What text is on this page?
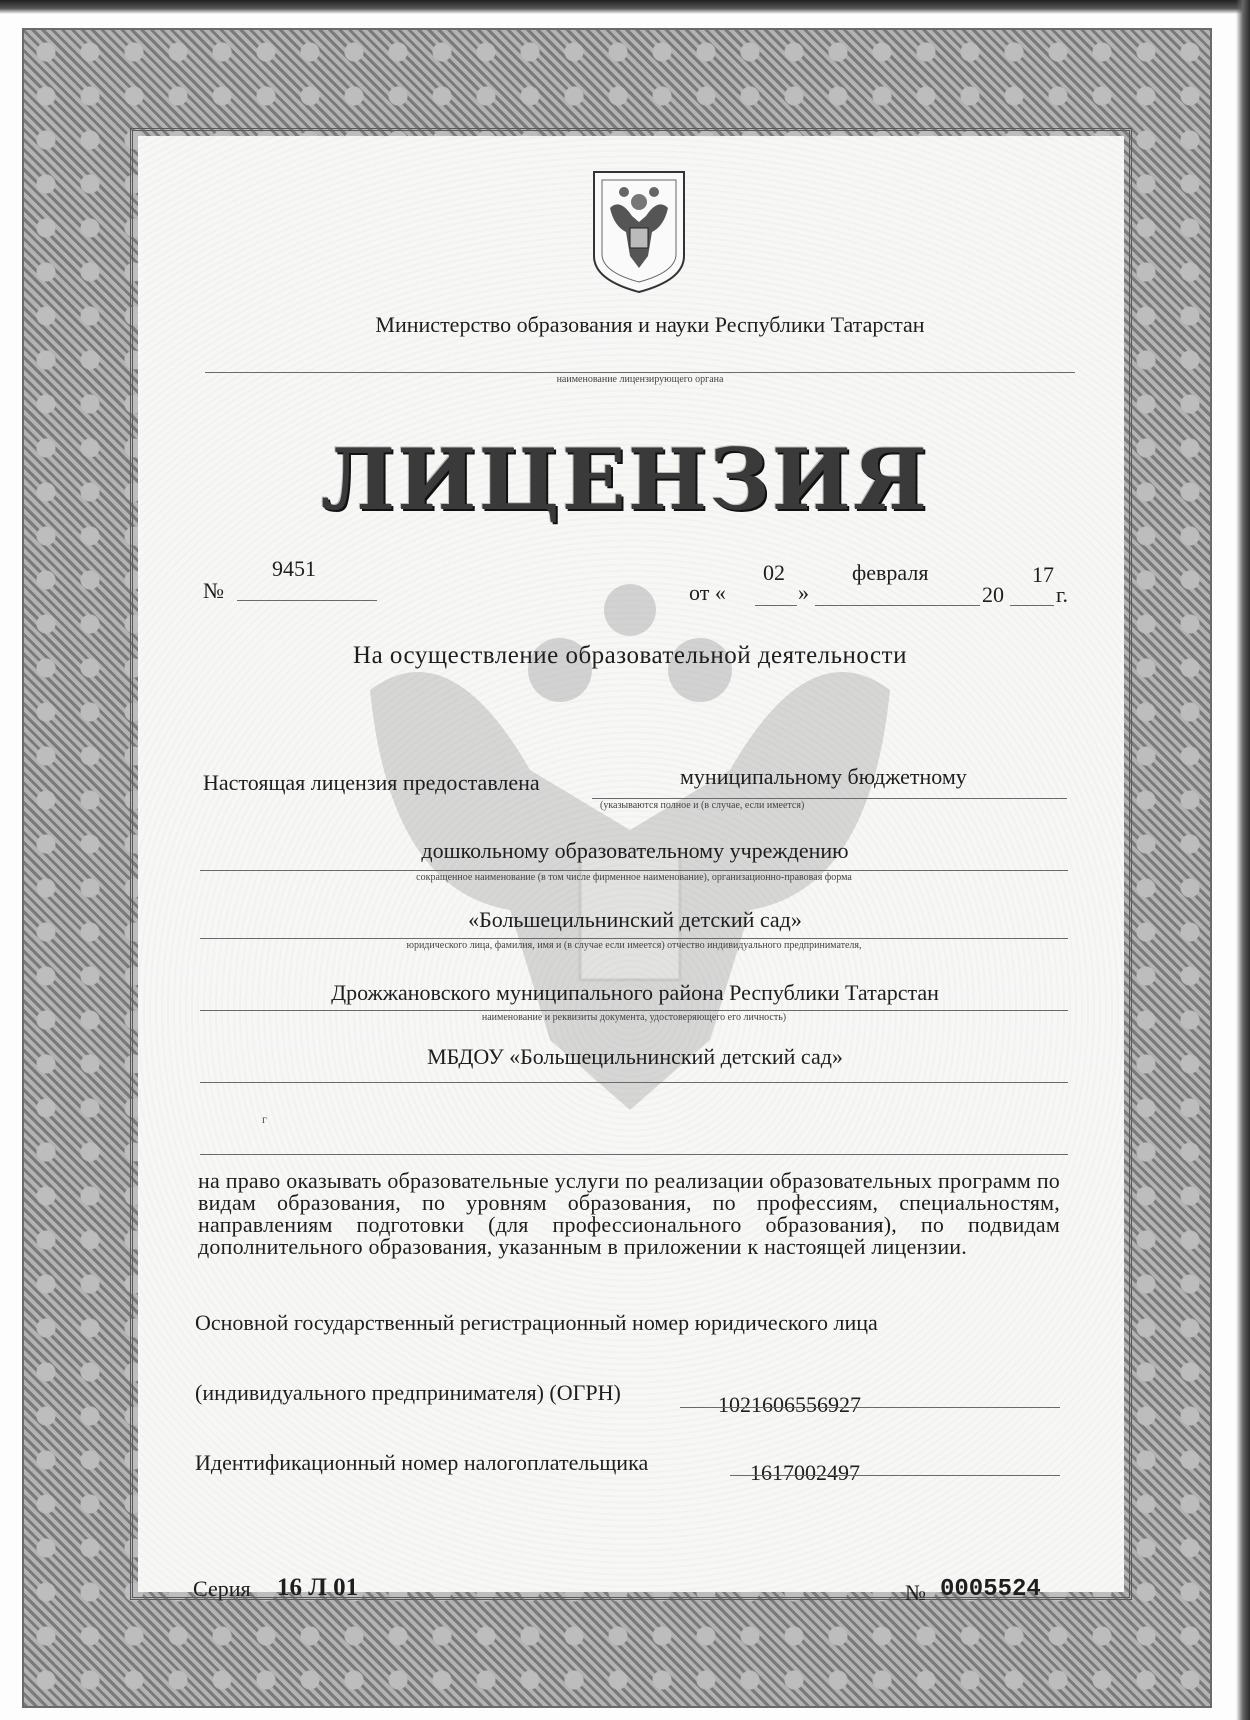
Министерство образования и науки Республики Татарстан
наименование лицензирующего органа
ЛИЦЕНЗИЯ
№
9451
от «
02
»
февраля
20
17
г.
На осуществление образовательной деятельности
Настоящая лицензия предоставлена	муниципальному бюджетному
(указываются полное и (в случае, если имеется)
дошкольному образовательному учреждению
сокращенное наименование (в том числе фирменное наименование), организационно-правовая форма
«Большецильнинский детский сад»
юридического лица, фамилия, имя и (в случае если имеется) отчество индивидуального предпринимателя,
Дрожжановского муниципального района Республики Татарстан
наименование и реквизиты документа, удостоверяющего его личность)
МБДОУ «Большецильнинский детский сад»
г
на право оказывать образовательные услуги по реализации образовательных программ по видам образования, по уровням образования, по профессиям, специальностям, направлениям подготовки (для профессионального образования), по подвидам дополнительного образования, указанным в приложении к настоящей лицензии.
Основной государственный регистрационный номер юридического лица
(индивидуального предпринимателя) (ОГРН)	1021606556927
Идентификационный номер налогоплательщика	1617002497
Серия 16 Л 01	№ 0005524
